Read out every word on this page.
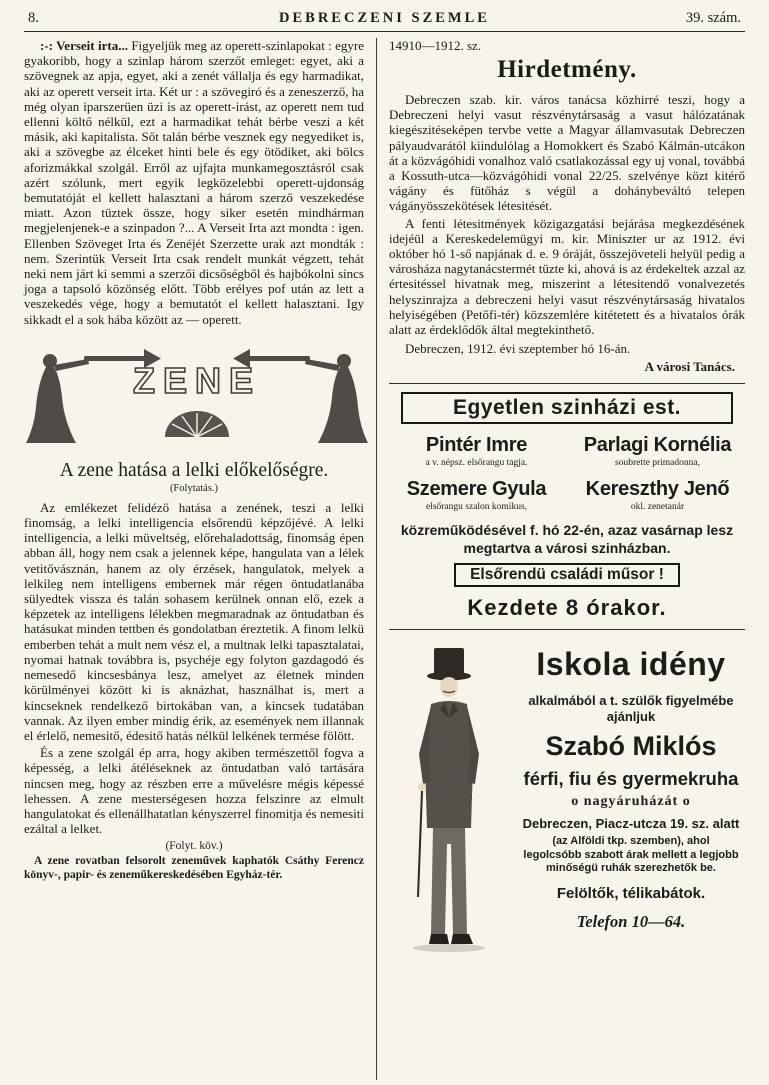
8.	DEBRECZENI SZEMLE	39. szám.

:-: Verseit irta... Figyeljük meg az operett-szinlapokat : egyre gyakoribb, hogy a szinlap három szerzőt emleget: egyet, aki a szövegnek az apja, egyet, aki a zenét vállalja és egy harmadikat, aki az operett verseit irta. Két ur : a szövegiró és a zeneszerző, ha még olyan iparszerüen üzi is az operett-irást, az operett nem tud ellenni költő nélkül, ezt a harmadikat tehát bérbe veszi a két másik, aki kapitalista. Sőt talán bérbe vesznek egy negyediket is, aki a szövegbe az élceket hinti bele és egy ötödiket, aki bölcs aforizmákkal szolgál. Erről az ujfajta munkamegosztásról csak azért szólunk, mert egyik legközelebbi operett-ujdonság bemutatóját el kellett halasztani a három szerző veszekedése miatt. Azon tüztek össze, hogy siker esetén mindhárman megjelenjenek-e a szinpadon ?... A Verseit Irta azt mondta : igen. Ellenben Szöveget Irta és Zenéjét Szerzette urak azt mondták : nem. Szerintük Verseit Irta csak rendelt munkát végzett, tehát neki nem járt ki semmi a szerzői dicsőségből és hajbókolni sincs joga a tapsoló közönség előtt. Több erélyes pof után az lett a veszekedés vége, hogy a bemutatót el kellett halasztani. Igy sikkadt el a sok hába között az — operett.

ZENE
A zene hatása a lelki előkelőségre.
(Folytatás.)

Az emlékezet felidéző hatása a zenének, teszi a lelki finomság, a lelki intelligencia elsőrendü képzőjévé. A lelki intelligencia, a lelki müveltség, előrehaladottság, finomság épen abban áll, hogy nem csak a jelennek képe, hangulata van a lélek vetitővásznán, hanem az oly érzések, hangulatok, melyek a lelkileg nem intelligens embernek már régen öntudatlanába sülyedtek vissza és talán sohasem kerülnek onnan elő, ezek a képzetek az intelligens lélekben megmaradnak az öntudatban és hatásukat minden tettben és gondolatban éreztetik. A finom lelkü emberben tehát a mult nem vész el, a multnak lelki tapasztalatai, nyomai hatnak továbbra is, psychéje egy folyton gazdagodó és nemesedő kincsesbánya lesz, amelyet az életnek minden körülményei között ki is aknázhat, használhat is, mert a kincseknek rendelkező birtokában van, a kincsek tudatában vannak. Az ilyen ember mindig érik, az események nem illannak el érlelő, nemesitő, édesitő hatás nélkül lelkének termése fölött.

És a zene szolgál ép arra, hogy akiben természettől fogva a képesség, a lelki átéléseknek az öntudatban való tartására nincsen meg, hogy az részben erre a művelésre mégis képessé lehessen. A zene mesterségesen hozza felszinre az elmult hangulatokat és ellenállhatatlan kényszerrel finomitja és nemesiti ezáltal a lelket.

(Folyt. köv.)

A zene rovatban felsorolt zeneművek kaphatók Csáthy Ferencz könyv-, papir- és zeneműkereskedésében Egyház-tér.

14910—1912. sz.
Hirdetmény.

Debreczen szab. kir. város tanácsa közhirré teszi, hogy a Debreczeni helyi vasut részvénytársaság a vasut hálózatának kiegészitéseképen tervbe vette a Magyar államvasutak Debreczen pályaudvarától kiindulólag a Homokkert és Szabó Kálmán-utcákon át a közvágóhidi vonalhoz való csatlakozással egy uj vonal, továbbá a Kossuth-utca—közvágóhidi vonal 22/25. szelvénye közt kitérő vágány és fütőház s végül a dohánybeváltó telepen vágányösszekötések létesitését.

A fenti létesitmények közigazgatási bejárása megkezdésének idejéül a Kereskedelemügyi m. kir. Miniszter ur az 1912. évi október hó 1-ső napjának d. e. 9 óráját, összejöveteli helyül pedig a városháza nagytanácstermét tüzte ki, ahová is az érdekeltek azzal az értesitéssel hivatnak meg, miszerint a létesitendő vonalvezetés helyszinrajza a debreczeni helyi vasut részvénytársaság hivatalos helyiségében (Petőfi-tér) közszemlére kitétetett és a hivatalos órák alatt az érdeklődők által megtekinthető.

Debreczen, 1912. évi szeptember hó 16-án.

A városi Tanács.
Egyetlen szinházi est.
Pintér Imre
a v. népsz. elsőrangu tagja.
Parlagi Kornélia
soubrette primadonna,
Szemere Gyula
elsőrangu szalon komikus,
Kereszthy Jenő
okl. zenetanár
közreműködésével f. hó 22-én, azaz vasárnap lesz megtartva a városi szinházban.
Elsőrendü családi műsor !
Kezdete 8 órakor.
Iskola idény
alkalmából a t. szülők figyelmébe ajánljuk
Szabó Miklós
férfi, fiu és gyermekruha
o nagyáruházát o
Debreczen, Piacz-utcza 19. sz. alatt
(az Alföldi tkp. szemben), ahol legolcsóbb szabott árak mellett a legjobb minőségü ruhák szerezhetők be.
Felöltők, télikabátok.
Telefon 10—64.
